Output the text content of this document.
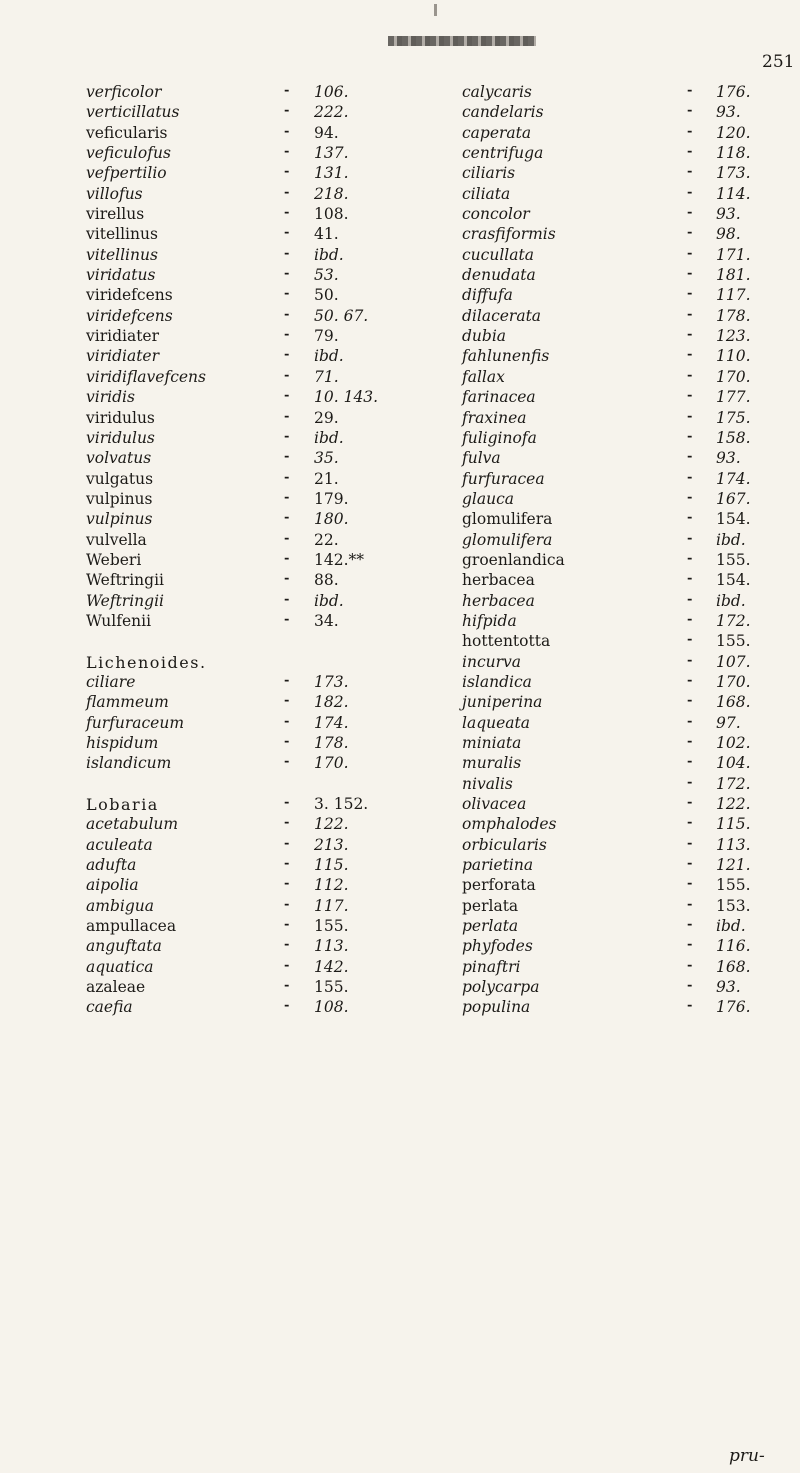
251
verficolor	- 106.
verticillatus	- 222.
veficularis	- 94.
veficulofus	- 137.
vefpertilio	- 131.
villofus	- 218.
virellus	- 108.
vitellinus	- 41.
vitellinus	- ibd.
viridatus	- 53.
viridefcens	- 50.
viridefcens	- 50. 67.
viridiater	- 79.
viridiater	- ibd.
viridiflavefcens	- 71.
viridis	- 10. 143.
viridulus	- 29.
viridulus	- ibd.
volvatus	- 35.
vulgatus	- 21.
vulpinus	- 179.
vulpinus	- 180.
vulvella	- 22.
Weberi	- 142.**
Weftringii	- 88.
Weftringii	- ibd.
Wulfenii	- 34.
Lichenoides.
ciliare	- 173.
flammeum	- 182.
furfuraceum	- 174.
hispidum	- 178.
islandicum	- 170.
Lobaria	- 3. 152.
acetabulum	- 122.
aculeata	- 213.
adufta	- 115.
aipolia	- 112.
ambigua	- 117.
ampullacea	- 155.
anguftata	- 113.
aquatica	- 142.
azaleae	- 155.
caefia	- 108.
calycaris	- 176.
candelaris	- 93.
caperata	- 120.
centrifuga	- 118.
ciliaris	- 173.
ciliata	- 114.
concolor	- 93.
crasfiformis	- 98.
cucullata	- 171.
denudata	- 181.
diffufa	- 117.
dilacerata	- 178.
dubia	- 123.
fahlunenfis	- 110.
fallax	- 170.
farinacea	- 177.
fraxinea	- 175.
fuliginofa	- 158.
fulva	- 93.
furfuracea	- 174.
glauca	- 167.
glomulifera	- 154.
glomulifera	- ibd.
groenlandica	- 155.
herbacea	- 154.
herbacea	- ibd.
hifpida	- 172.
hottentotta	- 155.
incurva	- 107.
islandica	- 170.
juniperina	- 168.
laqueata	- 97.
miniata	- 102.
muralis	- 104.
nivalis	- 172.
olivacea	- 122.
omphalodes	- 115.
orbicularis	- 113.
parietina	- 121.
perforata	- 155.
perlata	- 153.
perlata	- ibd.
phyfodes	- 116.
pinaftri	- 168.
polycarpa	- 93.
populina	- 176.
pru-
